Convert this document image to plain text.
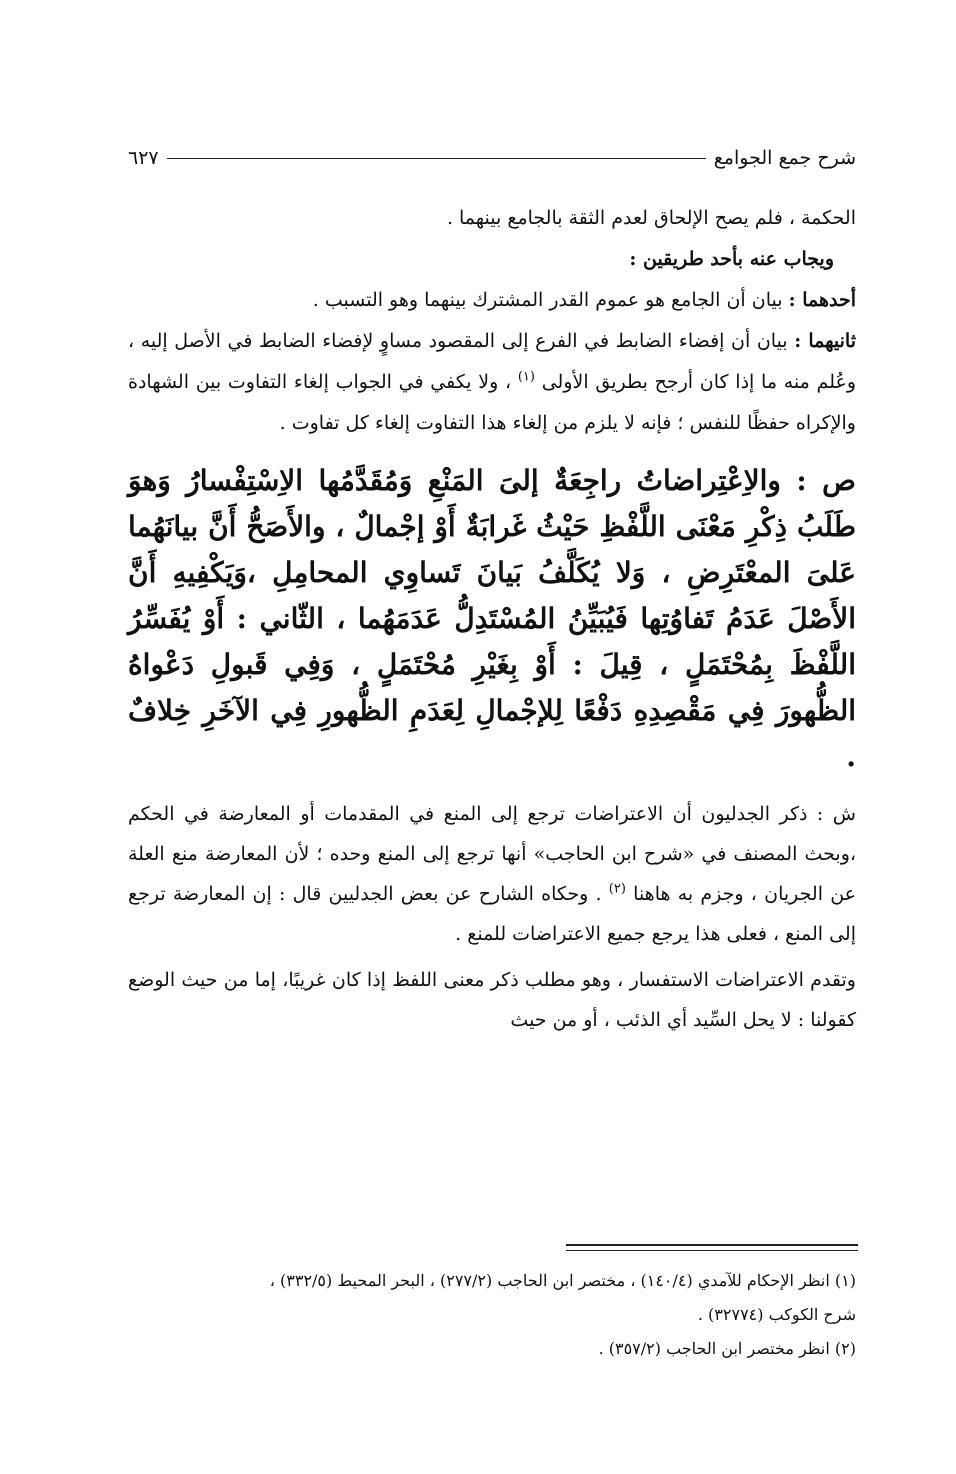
شرح جمع الجوامع
٦٢٧

الحكمة ، فلم يصح الإلحاق لعدم الثقة بالجامع بينهما .

ويجاب عنه بأحد طريقين :

أحدهما : بيان أن الجامع هو عموم القدر المشترك بينهما وهو التسبب .

ثانيهما : بيان أن إفضاء الضابط في الفرع إلى المقصود مساوٍ لإفضاء الضابط في الأصل إليه ، وعُلم منه ما إذا كان أرجح بطريق الأولى $^{(١)}$ ، ولا يكفي في الجواب إلغاء التفاوت بين الشهادة والإكراه حفظًا للنفس ؛ فإنه لا يلزم من إلغاء هذا التفاوت إلغاء كل تفاوت .

ص : والاِعْتِراضاتُ راجِعَةٌ إلىَ المَنْعِ وَمُقَدَّمُها الاِسْتِفْسارُ وَهوَ طَلَبُ ذِكْرِ مَعْنَى اللَّفْظِ حَيْثُ غَرابَةٌ أَوْ إجْمالٌ ، والأَصَحُّ أَنَّ بيانَهُما عَلىَ المعْتَرِضِ ، وَلا يُكَلَّفُ بَيانَ تَساوِي المحامِلِ ،وَيَكْفِيهِ أَنَّ الأَصْلَ عَدَمُ تَفاوُتِها فَيُبَيِّنُ المُسْتَدِلُّ عَدَمَهُما ، الثّاني : أَوْ يُفَسِّرُ اللَّفْظَ بِمُحْتَمَلٍ ، قِيلَ : أَوْ بِغَيْرِ مُحْتَمَلٍ ، وَفِي قَبولِ دَعْواهُ الظُّهورَ فِي مَقْصِدِهِ دَفْعًا لِلإجْمالِ لِعَدَمِ الظُّهورِ فِي الآخَرِ خِلافٌ .

ش : ذكر الجدليون أن الاعتراضات ترجع إلى المنع في المقدمات أو المعارضة في الحكم ،وبحث المصنف في «شرح ابن الحاجب» أنها ترجع إلى المنع وحده ؛ لأن المعارضة منع العلة عن الجريان ، وجزم به هاهنا $^{(٢)}$ . وحكاه الشارح عن بعض الجدليين قال : إن المعارضة ترجع إلى المنع ، فعلى هذا يرجع جميع الاعتراضات للمنع .

وتقدم الاعتراضات الاستفسار ، وهو مطلب ذكر معنى اللفظ إذا كان غريبًا، إما من حيث الوضع كقولنا : لا يحل السِّيد أي الذئب ، أو من حيث

(١) انظر الإحكام للآمدي (١٤٠/٤) ، مختصر ابن الحاجب (٢٧٧/٢) ، البحر المحيط (٣٣٢/٥) ،

شرح الكوكب (٣٢٧٧٤) .

(٢) انظر مختصر ابن الحاجب (٣٥٧/٢) .
